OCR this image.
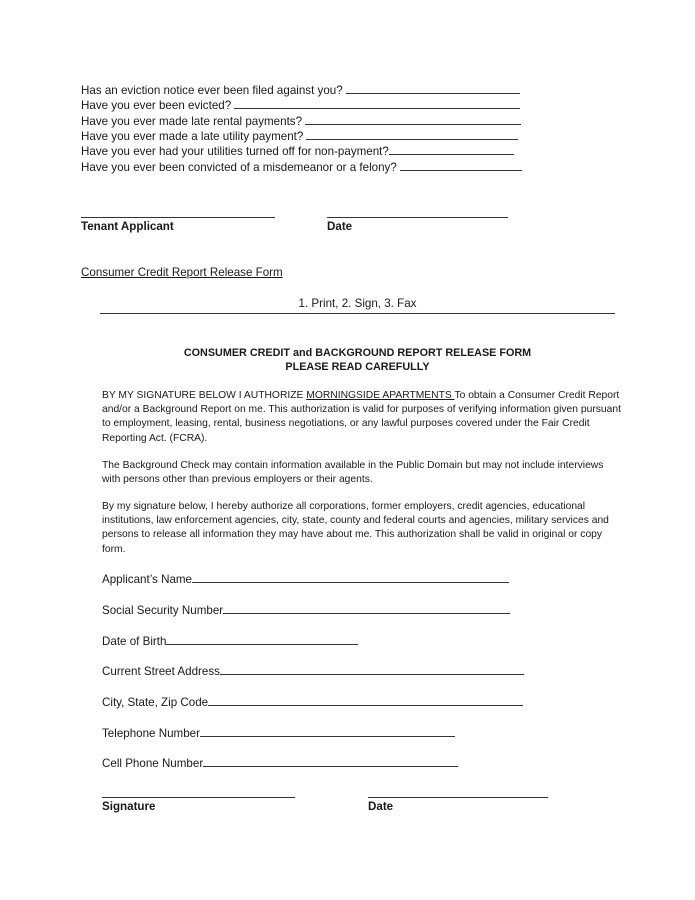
Has an eviction notice ever been filed against you?
Have you ever been evicted?
Have you ever made late rental payments?
Have you ever made a late utility payment?
Have you ever had your utilities turned off for non-payment?
Have you ever been convicted of a misdemeanor or a felony?
Tenant Applicant	Date
Consumer Credit Report Release Form
1. Print, 2. Sign, 3. Fax
CONSUMER CREDIT and BACKGROUND REPORT RELEASE FORM
PLEASE READ CAREFULLY
BY MY SIGNATURE BELOW I AUTHORIZE MORNINGSIDE APARTMENTS To obtain a Consumer Credit Report and/or a Background Report on me. This authorization is valid for purposes of verifying information given pursuant to employment, leasing, rental, business negotiations, or any lawful purposes covered under the Fair Credit Reporting Act. (FCRA).
The Background Check may contain information available in the Public Domain but may not include interviews with persons other than previous employers or their agents.
By my signature below, I hereby authorize all corporations, former employers, credit agencies, educational institutions, law enforcement agencies, city, state, county and federal courts and agencies, military services and persons to release all information they may have about me. This authorization shall be valid in original or copy form.
Applicant’s Name
Social Security Number
Date of Birth
Current Street Address
City, State, Zip Code
Telephone Number
Cell Phone Number
Signature	Date
